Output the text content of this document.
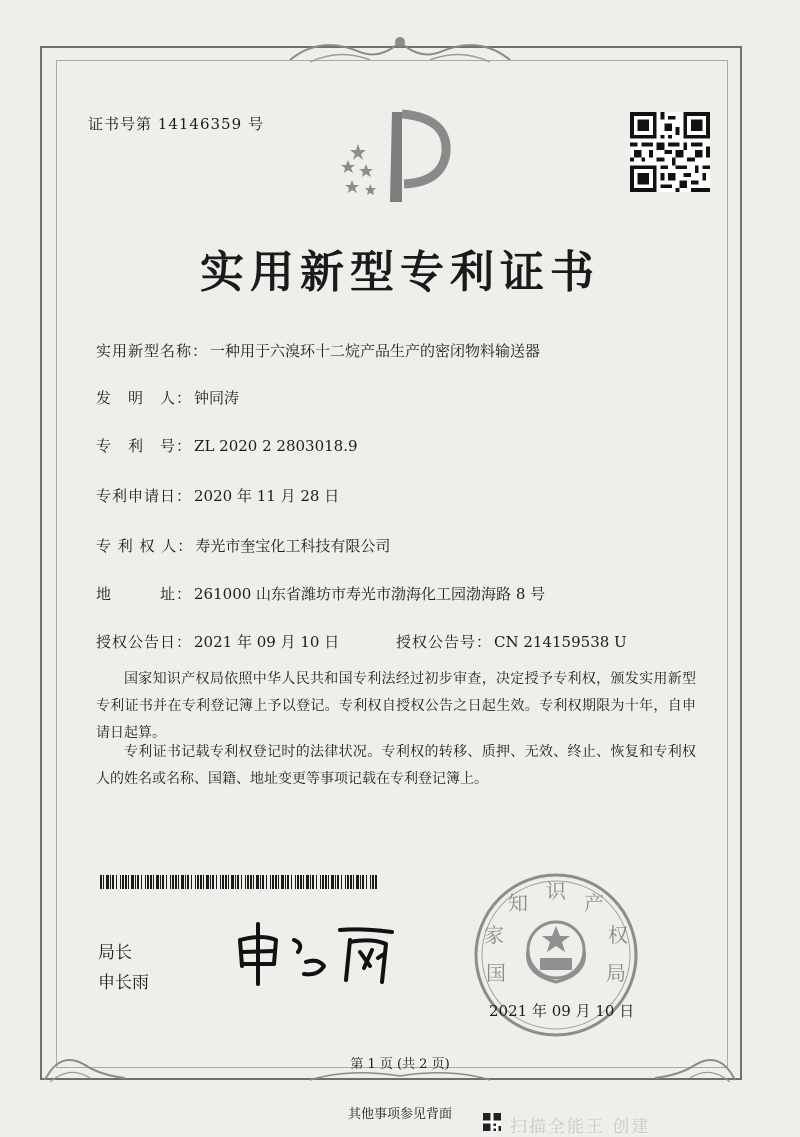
证书号第 14146359 号
实用新型专利证书
实用新型名称： 一种用于六溴环十二烷产品生产的密闭物料输送器
发　明　人： 钟同涛
专　利　号： ZL 2020 2 2803018.9
专利申请日： 2020 年 11 月 28 日
专 利 权 人： 寿光市奎宝化工科技有限公司
地　　　址： 261000 山东省潍坊市寿光市渤海化工园渤海路 8 号
授权公告日： 2021 年 09 月 10 日	授权公告号： CN 214159538 U
国家知识产权局依照中华人民共和国专利法经过初步审查，决定授予专利权，颁发实用新型专利证书并在专利登记簿上予以登记。专利权自授权公告之日起生效。专利权期限为十年，自申请日起算。
专利证书记载专利权登记时的法律状况。专利权的转移、质押、无效、终止、恢复和专利权人的姓名或名称、国籍、地址变更等事项记载在专利登记簿上。
局长
申长雨	国
家
知 识 产
权
局
2021 年 09 月 10 日
第 1 页 (共 2 页)
其他事项参见背面
扫描全能王 创建
